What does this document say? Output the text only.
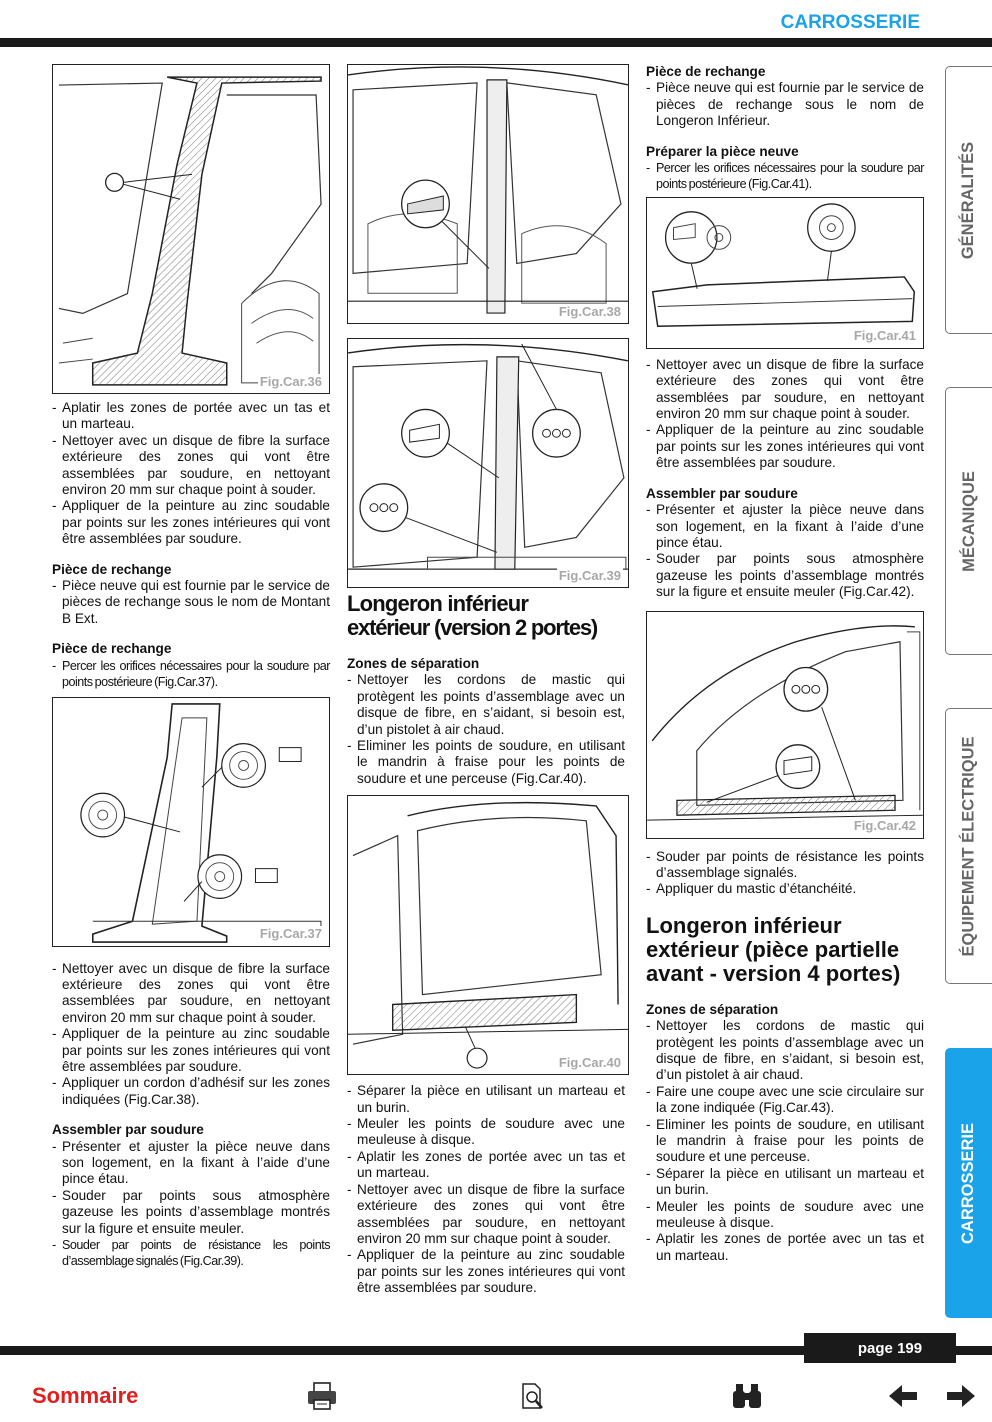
CARROSSERIE
Fig.Car.36
- Aplatir les zones de portée avec un tas et un marteau.
- Nettoyer avec un disque de fibre la surface extérieure des zones qui vont être assemblées par soudure, en nettoyant environ 20 mm sur chaque point à souder.
- Appliquer de la peinture au zinc soudable par points sur les zones intérieures qui vont être assemblées par soudure.
Pièce de rechange
- Pièce neuve qui est fournie par le service de pièces de rechange sous le nom de Montant B Ext.
Pièce de rechange
- Percer les orifices nécessaires pour la soudure par points postérieure (Fig.Car.37).
Fig.Car.37
- Nettoyer avec un disque de fibre la surface extérieure des zones qui vont être assemblées par soudure, en nettoyant environ 20 mm sur chaque point à souder.
- Appliquer de la peinture au zinc soudable par points sur les zones intérieures qui vont être assemblées par soudure.
- Appliquer un cordon d’adhésif sur les zones indiquées (Fig.Car.38).
Assembler par soudure
- Présenter et ajuster la pièce neuve dans son logement, en la fixant à l’aide d’une pince étau.
- Souder par points sous atmosphère gazeuse les points d’assemblage montrés sur la figure et ensuite meuler.
- Souder par points de résistance les points d’assemblage signalés (Fig.Car.39).
Fig.Car.38
Fig.Car.39
Longeron inférieur
extérieur (version 2 portes)
Zones de séparation
- Nettoyer les cordons de mastic qui protègent les points d’assemblage avec un disque de fibre, en s’aidant, si besoin est, d’un pistolet à air chaud.
- Eliminer les points de soudure, en utilisant le mandrin à fraise pour les points de soudure et une perceuse (Fig.Car.40).
Fig.Car.40
- Séparer la pièce en utilisant un marteau et un burin.
- Meuler les points de soudure avec une meuleuse à disque.
- Aplatir les zones de portée avec un tas et un marteau.
- Nettoyer avec un disque de fibre la surface extérieure des zones qui vont être assemblées par soudure, en nettoyant environ 20 mm sur chaque point à souder.
- Appliquer de la peinture au zinc soudable par points sur les zones intérieures qui vont être assemblées par soudure.
Pièce de rechange
- Pièce neuve qui est fournie par le service de pièces de rechange sous le nom de Longeron Inférieur.
Préparer la pièce neuve
- Percer les orifices nécessaires pour la soudure par points postérieure (Fig.Car.41).
Fig.Car.41
- Nettoyer avec un disque de fibre la surface extérieure des zones qui vont être assemblées par soudure, en nettoyant environ 20 mm sur chaque point à souder.
- Appliquer de la peinture au zinc soudable par points sur les zones intérieures qui vont être assemblées par soudure.
Assembler par soudure
- Présenter et ajuster la pièce neuve dans son logement, en la fixant à l’aide d’une pince étau.
- Souder par points sous atmosphère gazeuse les points d’assemblage montrés sur la figure et ensuite meuler (Fig.Car.42).
Fig.Car.42
- Souder par points de résistance les points d’assemblage signalés.
- Appliquer du mastic d’étanchéité.
Longeron inférieur extérieur (pièce partielle avant - version 4 portes)
Zones de séparation
- Nettoyer les cordons de mastic qui protègent les points d’assemblage avec un disque de fibre, en s’aidant, si besoin est, d’un pistolet à air chaud.
- Faire une coupe avec une scie circulaire sur la zone indiquée (Fig.Car.43).
- Eliminer les points de soudure, en utilisant le mandrin à fraise pour les points de soudure et une perceuse.
- Séparer la pièce en utilisant un marteau et un burin.
- Meuler les points de soudure avec une meuleuse à disque.
- Aplatir les zones de portée avec un tas et un marteau.
GÉNÉRALITÉS
MÉCANIQUE
ÉQUIPEMENT ÉLECTRIQUE
CARROSSERIE
page 199
Sommaire
